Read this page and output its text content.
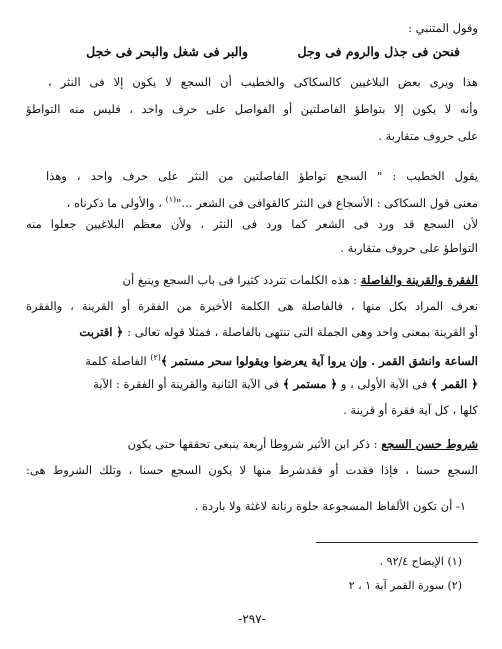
وقول المتنبي :
فنحن فى جذل والروم فى وجل
والبر فى شغل والبحر فى خجل
هذا ويرى بعض البلاغيين كالسكاكى والخطيب أن السجع لا يكون إلا فى النثر ،
وأنه لا يكون إلا بتواطؤ الفاصلتين أو الفواصل على حرف واحد ، فليس منه التواطؤ
على حروف متقاربة .
يقول الخطيب : " السجع تواطؤ الفاصلتين من النثر على حرف واحد ، وهذا
معنى قول السكاكى : الأسجاع فى النثر كالقوافى فى الشعر ..."$^{(١)}$ ، والأولى ما ذكرناه ،
لأن السجع قد ورد فى الشعر كما ورد فى النثر ، ولأن معظم البلاغيين جعلوا منه
التواطؤ على حروف متقاربة .
الفقرة والقرينة والفاصلة : هذه الكلمات تتردد كثيرا فى باب السجع وينبغ أن
نعرف المراد بكل منها ، فالفاصلة هى الكلمة الأخيرة من الفقرة أو القرينة ، والفقرة
أو القرينة بمعنى واحد وهى الجملة التى تنتهى بالفاصلة ، فمثلا قوله تعالى : ﴿ اقتربت
الساعة وانشق القمر . وإن يروا آية يعرضوا ويقولوا سحر مستمر ﴾$^{(٢)}$ الفاصلة كلمة
﴿ القمر ﴾ فى الآية الأولى ، و ﴿ مستمر ﴾ فى الآية الثانية والقرينة أو الفقرة : الآية
كلها ، كل آية فقرة أو قرينة .
شروط حسن السجع : ذكر ابن الأثير شروطا أربعة ينبغى تحققها حتى يكون
السجع حسنا ، فإذا فقدت أو فقدشرط منها لا يكون السجع حسنا ، وتلك الشروط هى:
١- أن تكون الألفاظ المسجوعة حلوة رنانة لاغثة ولا باردة .
(١) الإيضاح ٩٢/٤ .
(٢) سورة القمر آية ١ ، ٢
-٢٩٧-
